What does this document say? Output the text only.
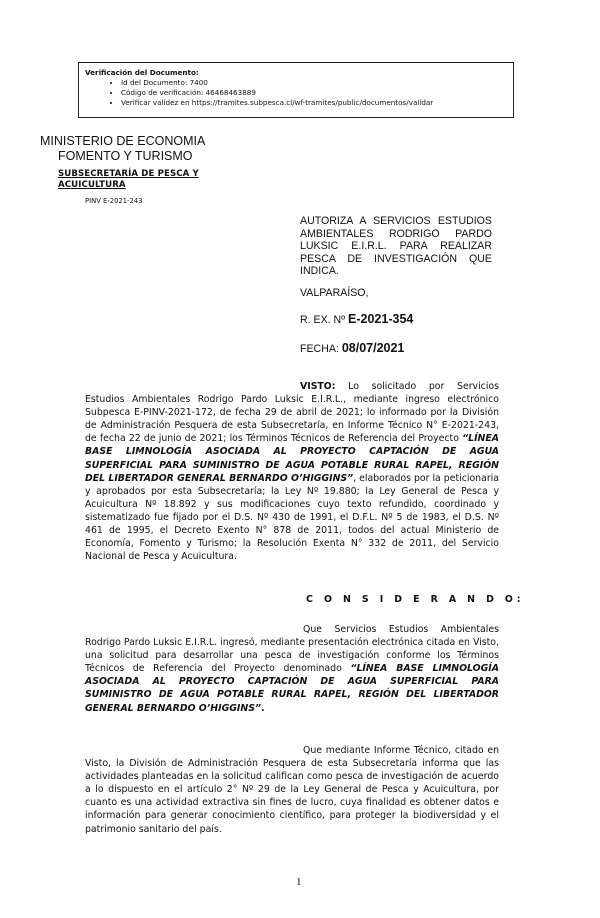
Verificación del Documento:
• Id del Documento: 7400
• Código de verificación: 46468463889
• Verificar validez en https://tramites.subpesca.cl/wf-tramites/public/documentos/validar
MINISTERIO DE ECONOMIA
FOMENTO Y TURISMO
SUBSECRETARÍA DE PESCA Y
ACUICULTURA
PINV E-2021-243
AUTORIZA A SERVICIOS ESTUDIOS AMBIENTALES RODRIGO PARDO LUKSIC E.I.R.L. PARA REALIZAR PESCA DE INVESTIGACIÓN QUE INDICA.
VALPARAÍSO,
R. EX. Nº E-2021-354
FECHA: 08/07/2021

VISTO: Lo solicitado por Servicios Estudios Ambientales Rodrigo Pardo Luksic E.I.R.L., mediante ingreso electrónico Subpesca E-PINV-2021-172, de fecha 29 de abril de 2021; lo informado por la División de Administración Pesquera de esta Subsecretaría, en Informe Técnico N° E-2021-243, de fecha 22 de junio de 2021; los Términos Técnicos de Referencia del Proyecto “LÍNEA BASE LIMNOLOGÍA ASOCIADA AL PROYECTO CAPTACIÓN DE AGUA SUPERFICIAL PARA SUMINISTRO DE AGUA POTABLE RURAL RAPEL, REGIÓN DEL LIBERTADOR GENERAL BERNARDO O’HIGGINS”, elaborados por la peticionaria y aprobados por esta Subsecretaría; la Ley Nº 19.880; la Ley General de Pesca y Acuicultura Nº 18.892 y sus modificaciones cuyo texto refundido, coordinado y sistematizado fue fijado por el D.S. Nº 430 de 1991, el D.F.L. Nº 5 de 1983, el D.S. Nº 461 de 1995, el Decreto Exento N° 878 de 2011, todos del actual Ministerio de Economía, Fomento y Turismo; la Resolución Exenta N° 332 de 2011, del Servicio Nacional de Pesca y Acuicultura.

C O N S I D E R A N D O:

Que Servicios Estudios Ambientales Rodrigo Pardo Luksic E.I.R.L. ingresó, mediante presentación electrónica citada en Visto, una solicitud para desarrollar una pesca de investigación conforme los Términos Técnicos de Referencia del Proyecto denominado “LÍNEA BASE LIMNOLOGÍA ASOCIADA AL PROYECTO CAPTACIÓN DE AGUA SUPERFICIAL PARA SUMINISTRO DE AGUA POTABLE RURAL RAPEL, REGIÓN DEL LIBERTADOR GENERAL BERNARDO O’HIGGINS”.

Que mediante Informe Técnico, citado en Visto, la División de Administración Pesquera de esta Subsecretaría informa que las actividades planteadas en la solicitud califican como pesca de investigación de acuerdo a lo dispuesto en el artículo 2° Nº 29 de la Ley General de Pesca y Acuicultura, por cuanto es una actividad extractiva sin fines de lucro, cuya finalidad es obtener datos e información para generar conocimiento científico, para proteger la biodiversidad y el patrimonio sanitario del país.

1
